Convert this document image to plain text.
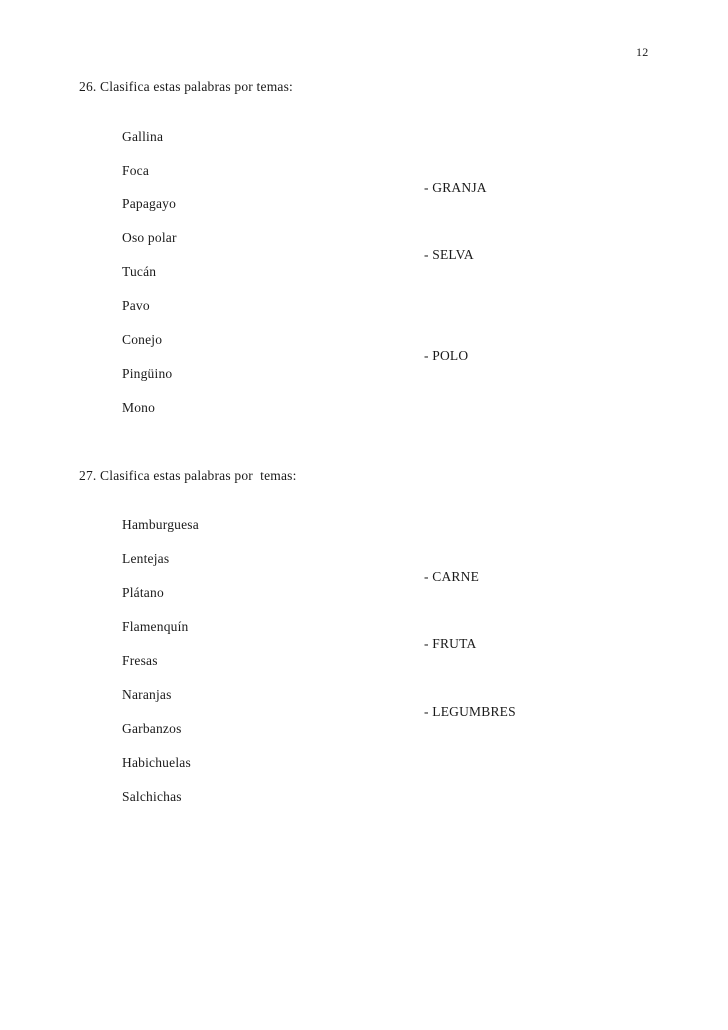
12
26. Clasifica estas palabras por temas:
Gallina
Foca
Papagayo
Oso polar
Tucán
Pavo
Conejo
Pingüino
Mono
- GRANJA
- SELVA
- POLO
27. Clasifica estas palabras por  temas:
Hamburguesa
Lentejas
Plátano
Flamenquín
Fresas
Naranjas
Garbanzos
Habichuelas
Salchichas
- CARNE
- FRUTA
- LEGUMBRES
